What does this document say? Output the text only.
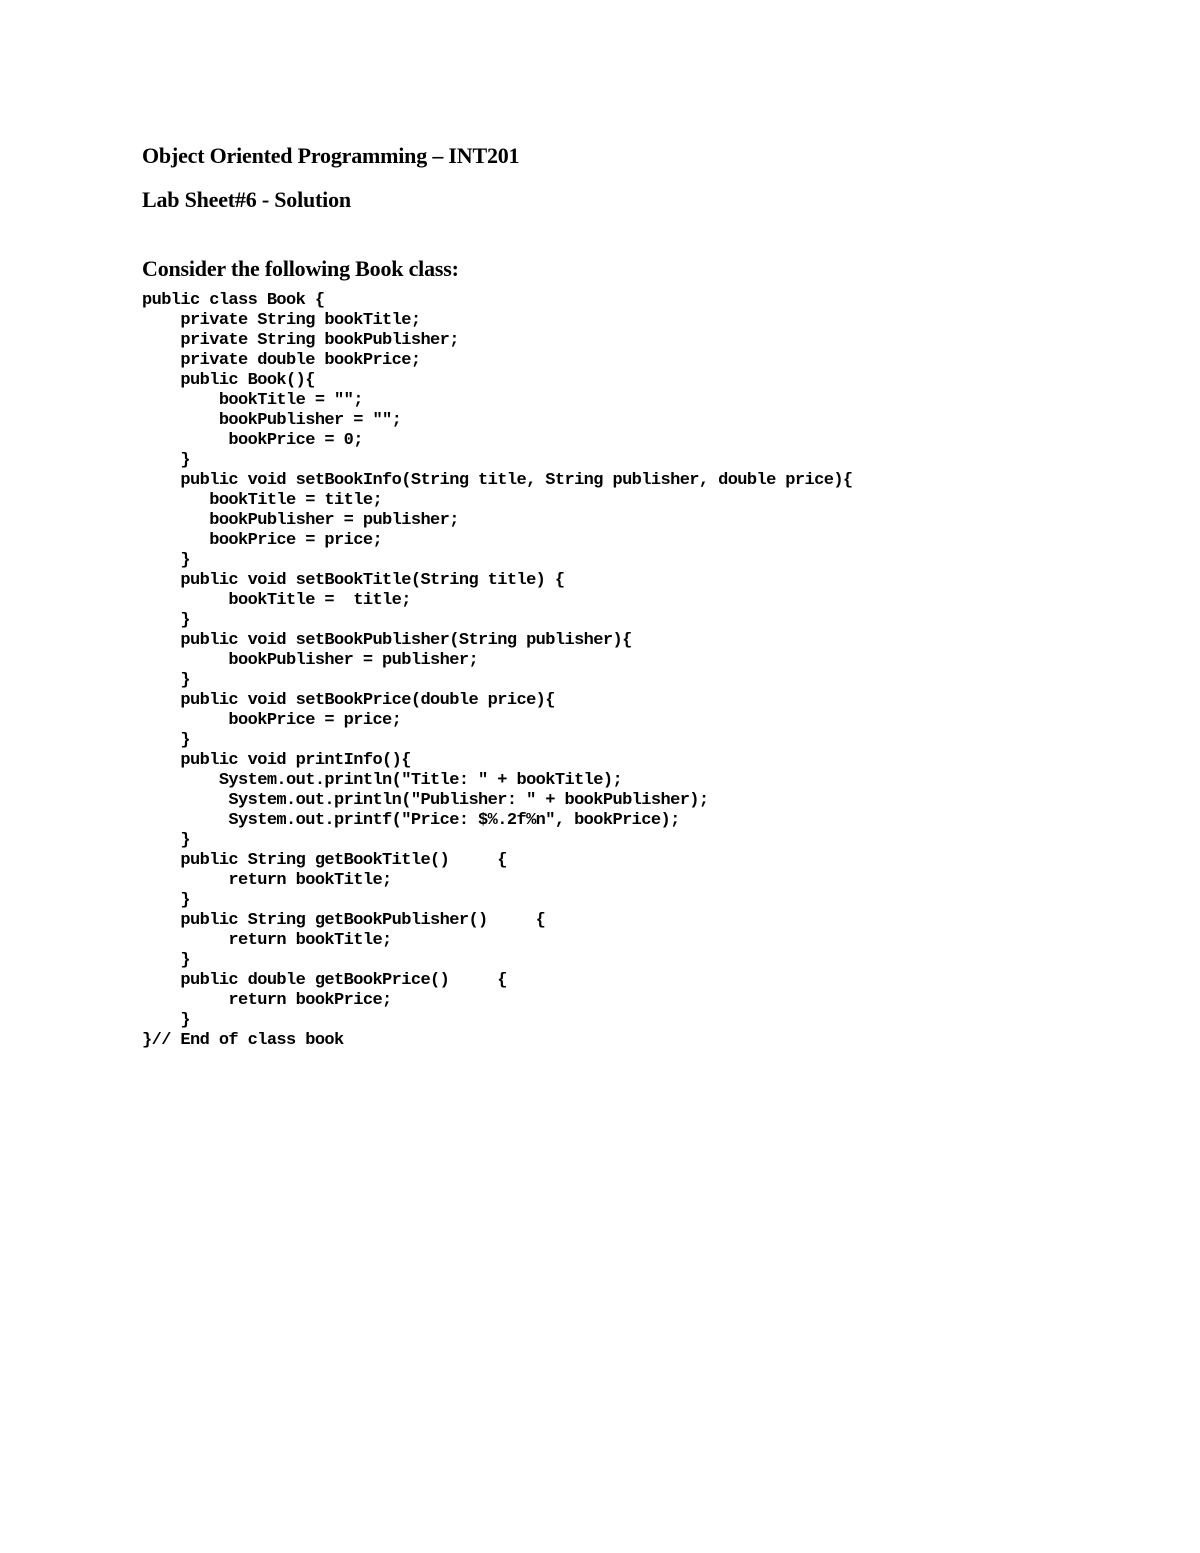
Object Oriented Programming – INT201
Lab Sheet#6 - Solution

Consider the following Book class:

public class Book {
private String bookTitle;
private String bookPublisher;
private double bookPrice;
public Book(){
bookTitle = "";
bookPublisher = "";
bookPrice = 0;
}
public void setBookInfo(String title, String publisher, double price){
bookTitle = title;
bookPublisher = publisher;
bookPrice = price;
}
public void setBookTitle(String title) {
bookTitle =  title;
}
public void setBookPublisher(String publisher){
bookPublisher = publisher;
}
public void setBookPrice(double price){
bookPrice = price;
}
public void printInfo(){
System.out.println("Title: " + bookTitle);
System.out.println("Publisher: " + bookPublisher);
System.out.printf("Price: $%.2f%n", bookPrice);
}
public String getBookTitle()     {
return bookTitle;
}
public String getBookPublisher()     {
return bookTitle;
}
public double getBookPrice()     {
return bookPrice;
}
}// End of class book
